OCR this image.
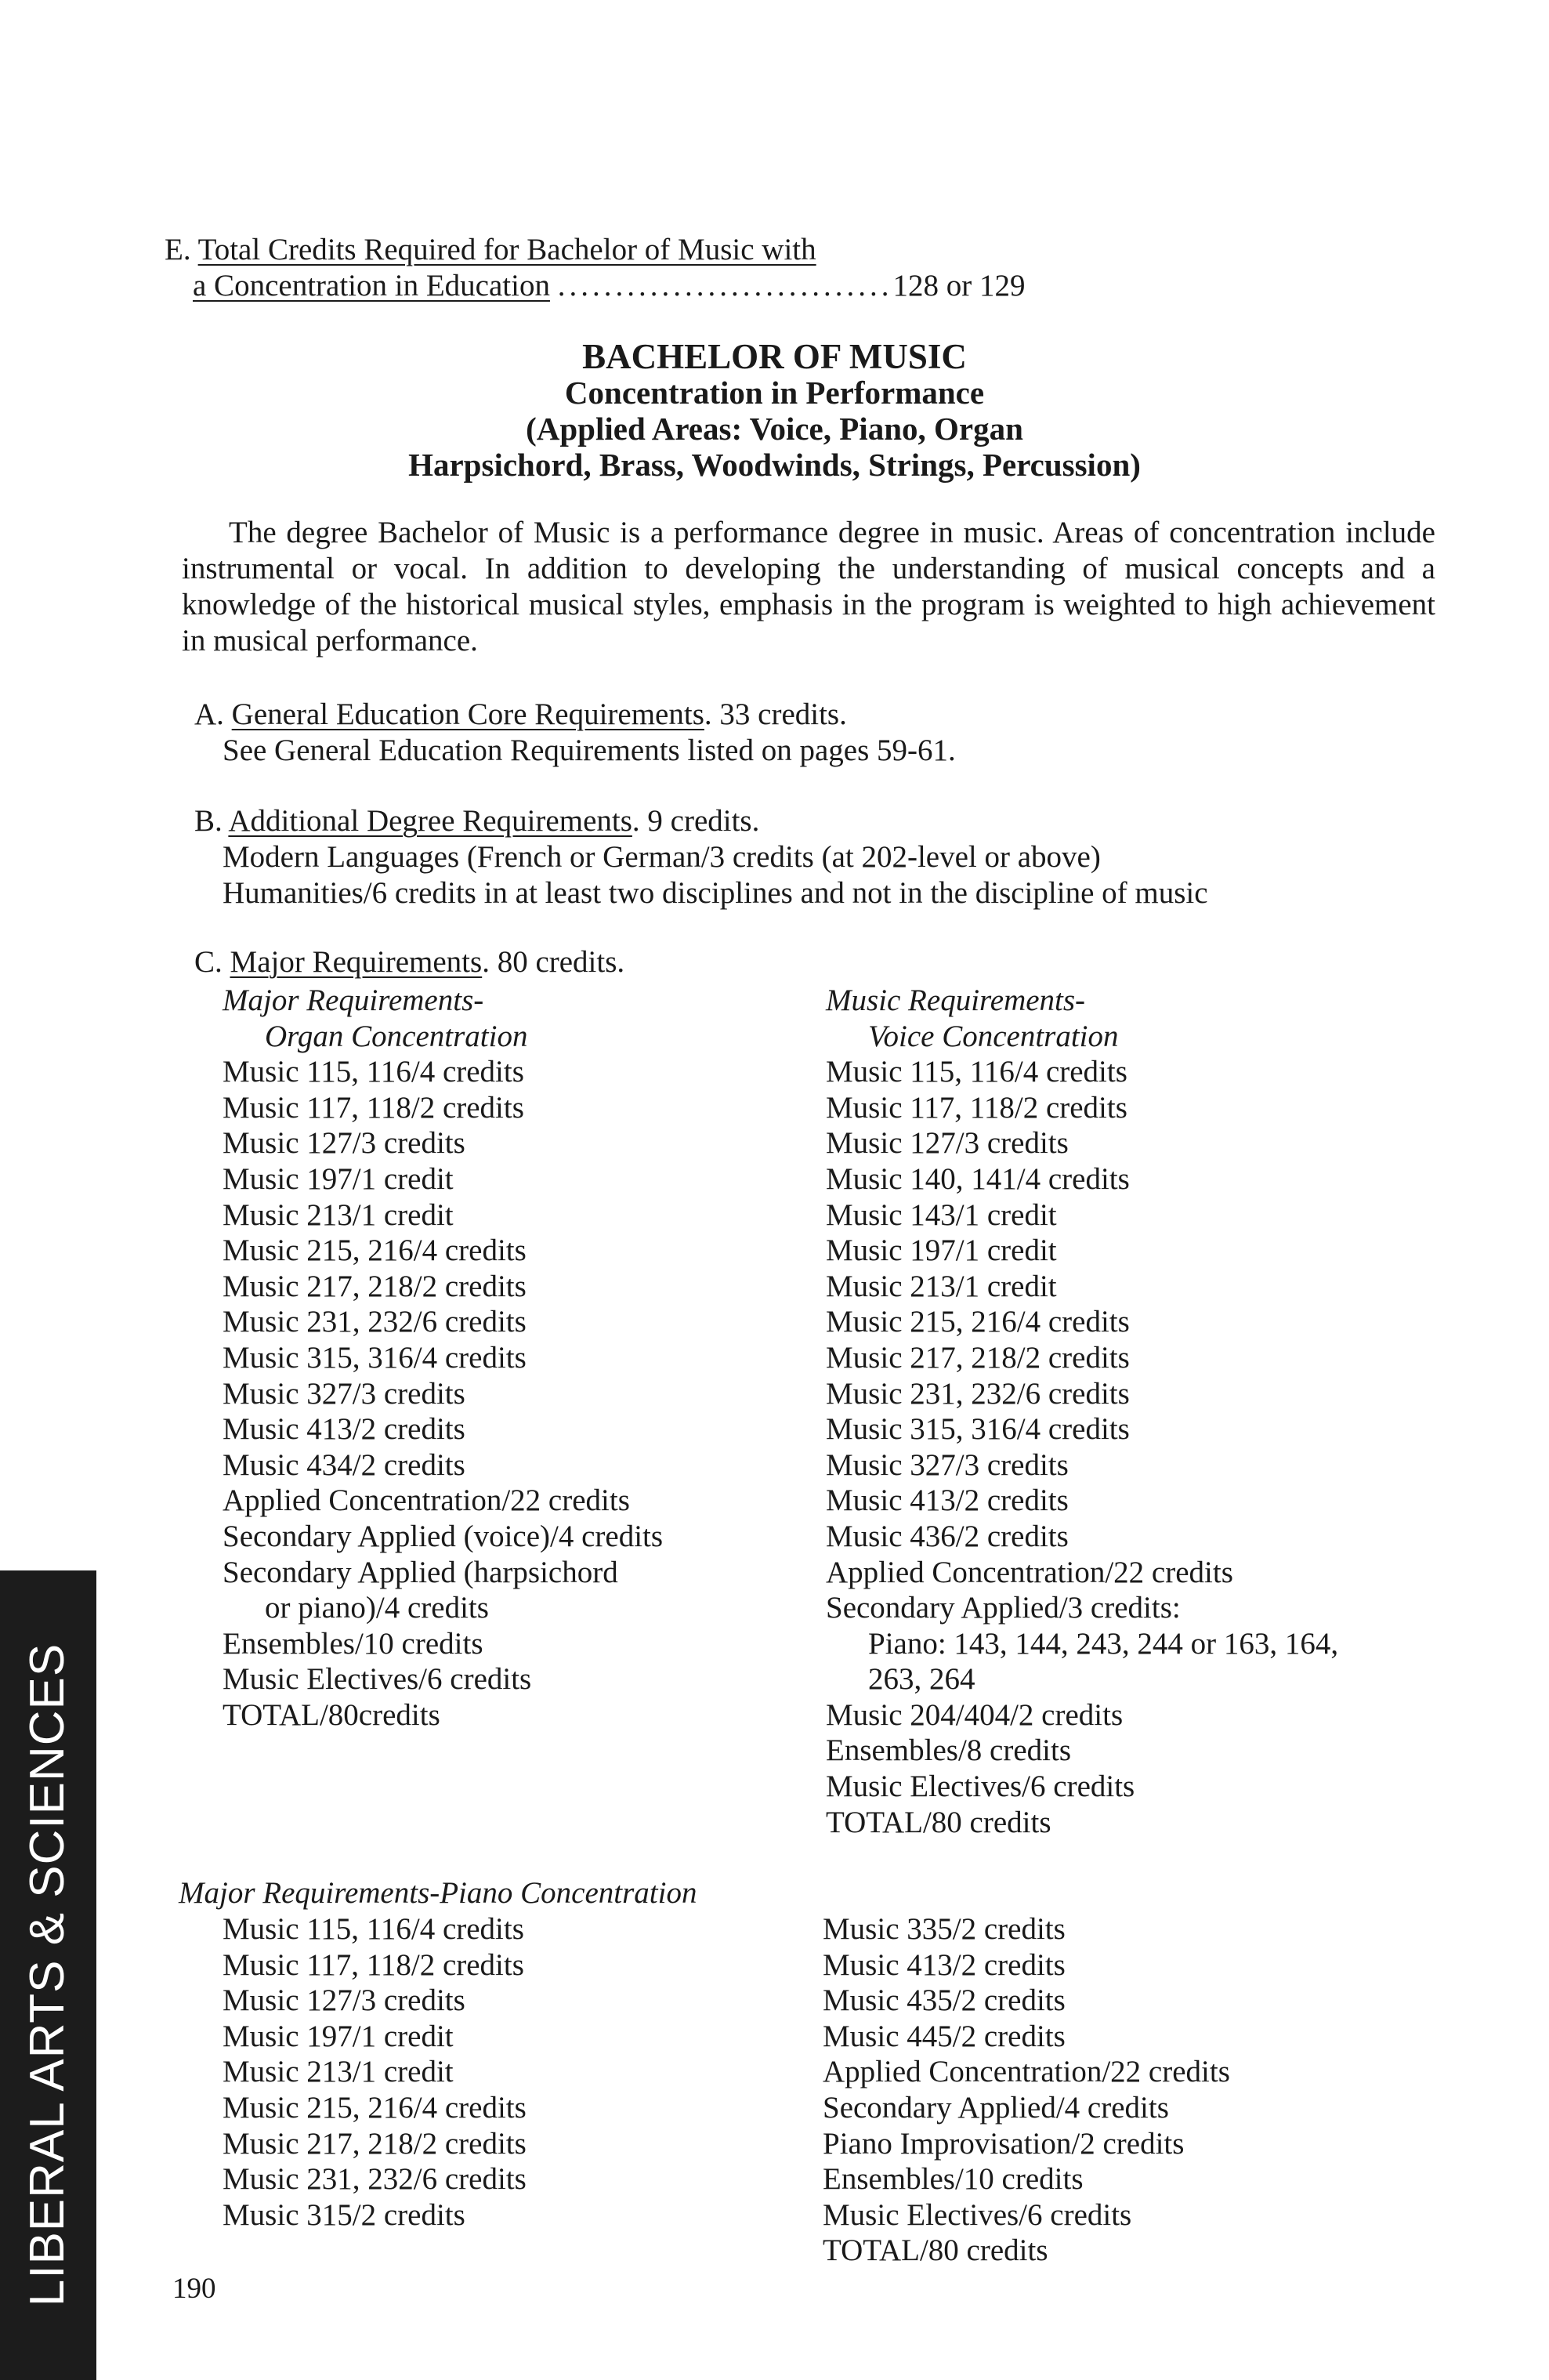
E. Total Credits Required for Bachelor of Music with
a Concentration in Education .............................128 or 129
BACHELOR OF MUSIC
Concentration in Performance
(Applied Areas: Voice, Piano, Organ
Harpsichord, Brass, Woodwinds, Strings, Percussion)
The degree Bachelor of Music is a performance degree in music. Areas of concentration include instrumental or vocal. In addition to developing the understanding of musical concepts and a knowledge of the historical musical styles, emphasis in the program is weighted to high achievement in musical performance.
A. General Education Core Requirements. 33 credits.
See General Education Requirements listed on pages 59-61.
B. Additional Degree Requirements. 9 credits.
Modern Languages (French or German/3 credits (at 202-level or above)
Humanities/6 credits in at least two disciplines and not in the discipline of music
C. Major Requirements. 80 credits.
Major Requirements-
Organ Concentration
Music 115, 116/4 credits
Music 117, 118/2 credits
Music 127/3 credits
Music 197/1 credit
Music 213/1 credit
Music 215, 216/4 credits
Music 217, 218/2 credits
Music 231, 232/6 credits
Music 315, 316/4 credits
Music 327/3 credits
Music 413/2 credits
Music 434/2 credits
Applied Concentration/22 credits
Secondary Applied (voice)/4 credits
Secondary Applied (harpsichord
or piano)/4 credits
Ensembles/10 credits
Music Electives/6 credits
TOTAL/80credits
Music Requirements-
Voice Concentration
Music 115, 116/4 credits
Music 117, 118/2 credits
Music 127/3 credits
Music 140, 141/4 credits
Music 143/1 credit
Music 197/1 credit
Music 213/1 credit
Music 215, 216/4 credits
Music 217, 218/2 credits
Music 231, 232/6 credits
Music 315, 316/4 credits
Music 327/3 credits
Music 413/2 credits
Music 436/2 credits
Applied Concentration/22 credits
Secondary Applied/3 credits:
Piano: 143, 144, 243, 244 or 163, 164,
263, 264
Music 204/404/2 credits
Ensembles/8 credits
Music Electives/6 credits
TOTAL/80 credits
Major Requirements-Piano Concentration
Music 115, 116/4 credits
Music 117, 118/2 credits
Music 127/3 credits
Music 197/1 credit
Music 213/1 credit
Music 215, 216/4 credits
Music 217, 218/2 credits
Music 231, 232/6 credits
Music 315/2 credits
Music 335/2 credits
Music 413/2 credits
Music 435/2 credits
Music 445/2 credits
Applied Concentration/22 credits
Secondary Applied/4 credits
Piano Improvisation/2 credits
Ensembles/10 credits
Music Electives/6 credits
TOTAL/80 credits
LIBERAL ARTS & SCIENCES	190
